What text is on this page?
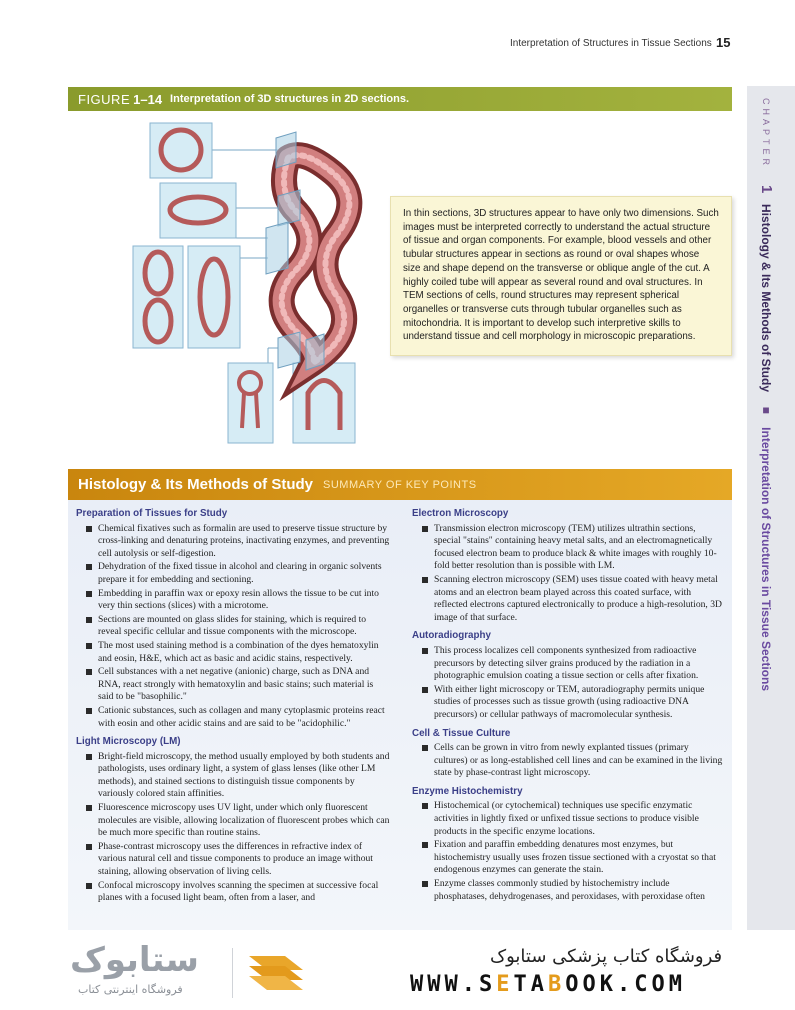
Interpretation of Structures in Tissue Sections 15
FIGURE 1–14 Interpretation of 3D structures in 2D sections.	CHAPTER 1 Histology & Its Methods of Study ■ Interpretation of Structures in Tissue Sections
In thin sections, 3D structures appear to have only two dimensions. Such images must be interpreted correctly to understand the actual structure of tissue and organ components. For example, blood vessels and other tubular structures appear in sections as round or oval shapes whose size and shape depend on the transverse or oblique angle of the cut. A highly coiled tube will appear as several round and oval structures. In TEM sections of cells, round structures may represent spherical organelles or transverse cuts through tubular organelles such as mitochondria. It is important to develop such interpretive skills to understand tissue and cell morphology in microscopic preparations.
Histology & Its Methods of Study SUMMARY OF KEY POINTS
Preparation of Tissues for Study
Chemical fixatives such as formalin are used to preserve tissue structure by cross-linking and denaturing proteins, inactivating enzymes, and preventing cell autolysis or self-digestion.
Dehydration of the fixed tissue in alcohol and clearing in organic solvents prepare it for embedding and sectioning.
Embedding in paraffin wax or epoxy resin allows the tissue to be cut into very thin sections (slices) with a microtome.
Sections are mounted on glass slides for staining, which is required to reveal specific cellular and tissue components with the microscope.
The most used staining method is a combination of the dyes hematoxylin and eosin, H&E, which act as basic and acidic stains, respectively.
Cell substances with a net negative (anionic) charge, such as DNA and RNA, react strongly with hematoxylin and basic stains; such material is said to be "basophilic."
Cationic substances, such as collagen and many cytoplasmic proteins react with eosin and other acidic stains and are said to be "acidophilic."
Light Microscopy (LM)
Bright-field microscopy, the method usually employed by both students and pathologists, uses ordinary light, a system of glass lenses (like other LM methods), and stained sections to distinguish tissue components by variously colored stain affinities.
Fluorescence microscopy uses UV light, under which only fluorescent molecules are visible, allowing localization of fluorescent probes which can be much more specific than routine stains.
Phase-contrast microscopy uses the differences in refractive index of various natural cell and tissue components to produce an image without staining, allowing observation of living cells.
Confocal microscopy involves scanning the specimen at successive focal planes with a focused light beam, often from a laser, and
Electron Microscopy
Transmission electron microscopy (TEM) utilizes ultrathin sections, special "stains" containing heavy metal salts, and an electromagnetically focused electron beam to produce black & white images with roughly 10-fold better resolution than is possible with LM.
Scanning electron microscopy (SEM) uses tissue coated with heavy metal atoms and an electron beam played across this coated surface, with reflected electrons captured electronically to produce a high-resolution, 3D image of that surface.
Autoradiography
This process localizes cell components synthesized from radioactive precursors by detecting silver grains produced by the radiation in a photographic emulsion coating a tissue section or cells after fixation.
With either light microscopy or TEM, autoradiography permits unique studies of processes such as tissue growth (using radioactive DNA precursors) or cellular pathways of macromolecular synthesis.
Cell & Tissue Culture
Cells can be grown in vitro from newly explanted tissues (primary cultures) or as long-established cell lines and can be examined in the living state by phase-contrast light microscopy.
Enzyme Histochemistry
Histochemical (or cytochemical) techniques use specific enzymatic activities in lightly fixed or unfixed tissue sections to produce visible products in the specific enzyme locations.
Fixation and paraffin embedding denatures most enzymes, but histochemistry usually uses frozen tissue sectioned with a cryostat so that endogenous enzymes can generate the stain.
Enzyme classes commonly studied by histochemistry include phosphatases, dehydrogenases, and peroxidases, with peroxidase often
ستابوک
فروشگاه اینترنتی کتاب
فروشگاه کتاب پزشکی ستابوک
WWW.SETABOOK.COM
